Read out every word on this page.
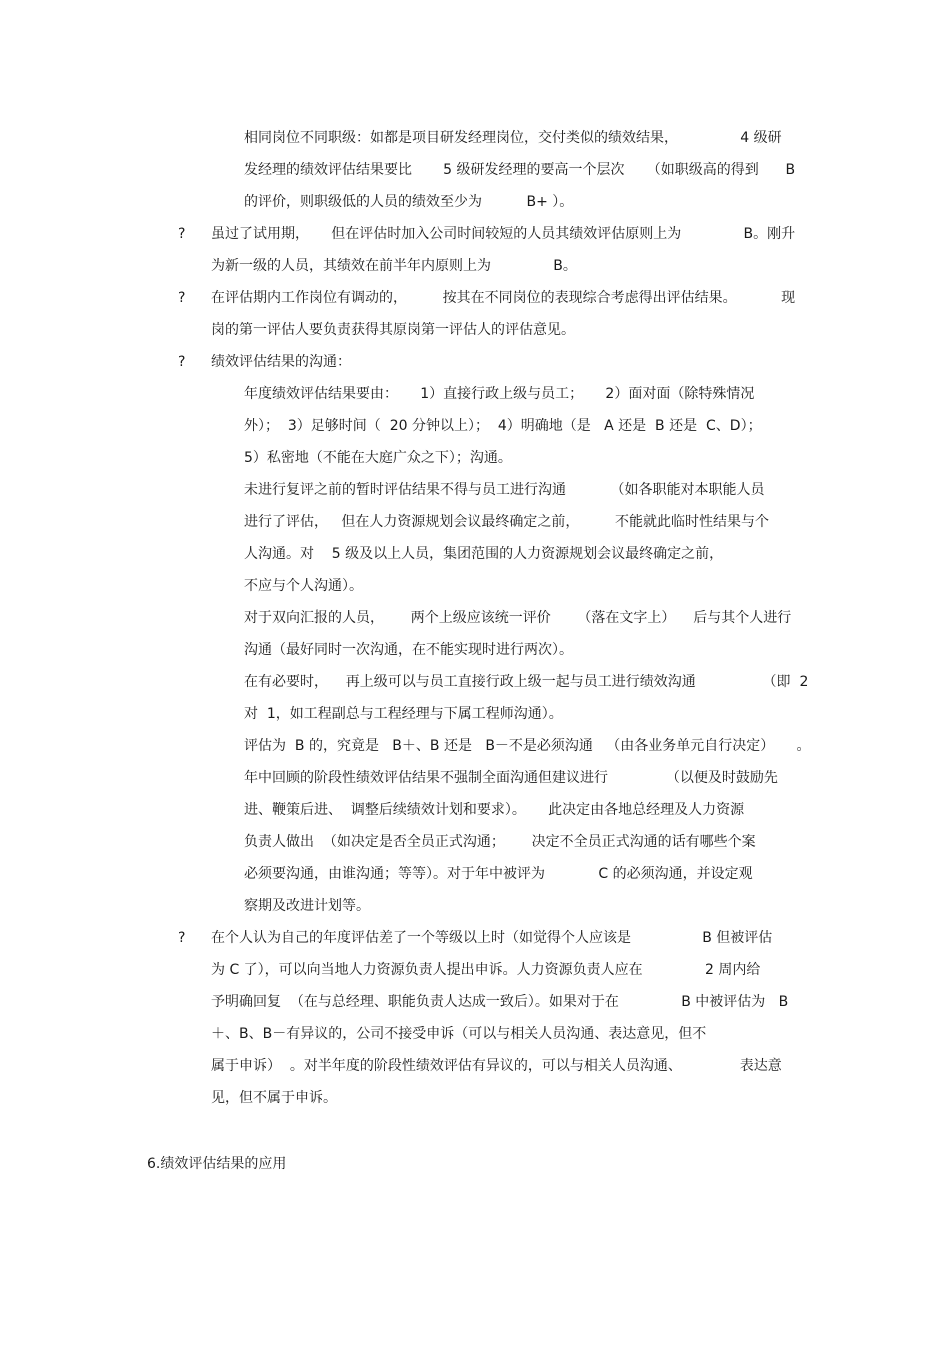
相同岗位不同职级：如都是项目研发经理岗位，交付类似的绩效结果，              4 级研
发经理的绩效评估结果要比       5 级研发经理的要高一个层次     （如职级高的得到      B
的评价，则职级低的人员的绩效至少为          B+ ）。
? 虽过了试用期，     但在评估时加入公司时间较短的人员其绩效评估原则上为              B。刚升
为新一级的人员，其绩效在前半年内原则上为              B。
? 在评估期内工作岗位有调动的，        按其在不同岗位的表现综合考虑得出评估结果。          现
岗的第一评估人要负责获得其原岗第一评估人的评估意见。
? 绩效评估结果的沟通：
年度绩效评估结果要由：     1）直接行政上级与员工；     2）面对面（除特殊情况
外）；  3）足够时间（  20 分钟以上）；  4）明确地（是   A 还是  B 还是  C、D）；
5）私密地（不能在大庭广众之下）；沟通。
未进行复评之前的暂时评估结果不得与员工进行沟通          （如各职能对本职能人员
进行了评估，   但在人力资源规划会议最终确定之前，        不能就此临时性结果与个
人沟通。对    5 级及以上人员，集团范围的人力资源规划会议最终确定之前，
不应与个人沟通）。
对于双向汇报的人员，      两个上级应该统一评价      （落在文字上）    后与其个人进行
沟通（最好同时一次沟通，在不能实现时进行两次）。
在有必要时，    再上级可以与员工直接行政上级一起与员工进行绩效沟通               （即  2
对  1，如工程副总与工程经理与下属工程师沟通）。
评估为  B 的，究竟是   B＋、B 还是   B－不是必须沟通   （由各业务单元自行决定）     。
年中回顾的阶段性绩效评估结果不强制全面沟通但建议进行             （以便及时鼓励先
进、鞭策后进、  调整后续绩效计划和要求）。     此决定由各地总经理及人力资源
负责人做出  （如决定是否全员正式沟通；      决定不全员正式沟通的话有哪些个案
必须要沟通，由谁沟通；等等）。对于年中被评为            C 的必须沟通，并设定观
察期及改进计划等。
? 在个人认为自己的年度评估差了一个等级以上时（如觉得个人应该是                B 但被评估
为 C 了），可以向当地人力资源负责人提出申诉。人力资源负责人应在              2 周内给
予明确回复  （在与总经理、职能负责人达成一致后）。如果对于在              B 中被评估为   B
＋、B、B－有异议的，公司不接受申诉（可以与相关人员沟通、表达意见，但不
属于申诉）  。对半年度的阶段性绩效评估有异议的，可以与相关人员沟通、             表达意
见，但不属于申诉。
6.绩效评估结果的应用
